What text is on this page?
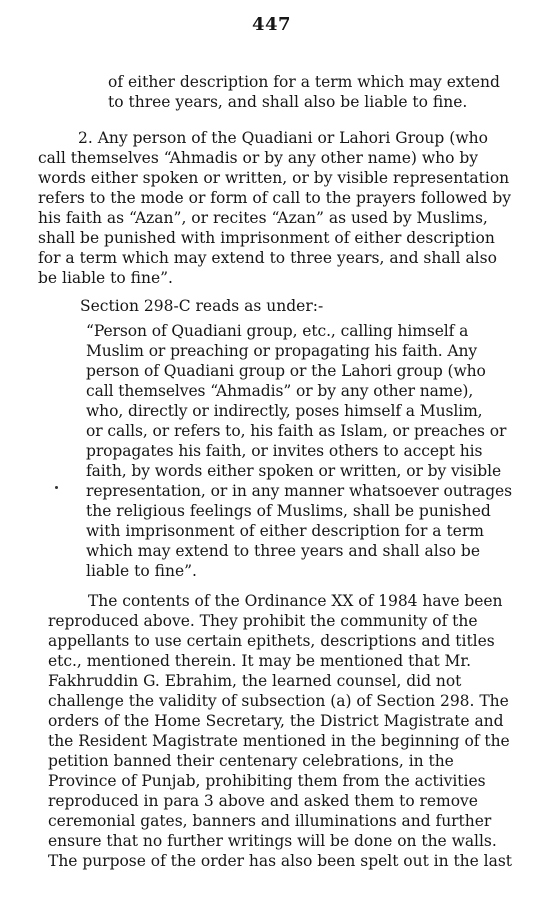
447
of either description for a term which may extend
to three years, and shall also be liable to fine.
2. Any person of the Quadiani or Lahori Group (who
call themselves “Ahmadis or by any other name) who by
words either spoken or written, or by visible representation
refers to the mode or form of call to the prayers followed by
his faith as “Azan”, or recites “Azan” as used by Muslims,
shall be punished with imprisonment of either description
for a term which may extend to three years, and shall also
be liable to fine”.
Section 298-C reads as under:-
“Person of Quadiani group, etc., calling himself a
Muslim or preaching or propagating his faith. Any
person of Quadiani group or the Lahori group (who
call themselves “Ahmadis” or by any other name),
who, directly or indirectly, poses himself a Muslim,
or calls, or refers to, his faith as Islam, or preaches or
propagates his faith, or invites others to accept his
faith, by words either spoken or written, or by visible
representation, or in any manner whatsoever outrages
the religious feelings of Muslims, shall be punished
with imprisonment of either description for a term
which may extend to three years and shall also be
liable to fine”.
The contents of the Ordinance XX of 1984 have been
reproduced above. They prohibit the community of the
appellants to use certain epithets, descriptions and titles
etc., mentioned therein. It may be mentioned that Mr.
Fakhruddin G. Ebrahim, the learned counsel, did not
challenge the validity of subsection (a) of Section 298. The
orders of the Home Secretary, the District Magistrate and
the Resident Magistrate mentioned in the beginning of the
petition banned their centenary celebrations, in the
Province of Punjab, prohibiting them from the activities
reproduced in para 3 above and asked them to remove
ceremonial gates, banners and illuminations and further
ensure that no further writings will be done on the walls.
The purpose of the order has also been spelt out in the last
